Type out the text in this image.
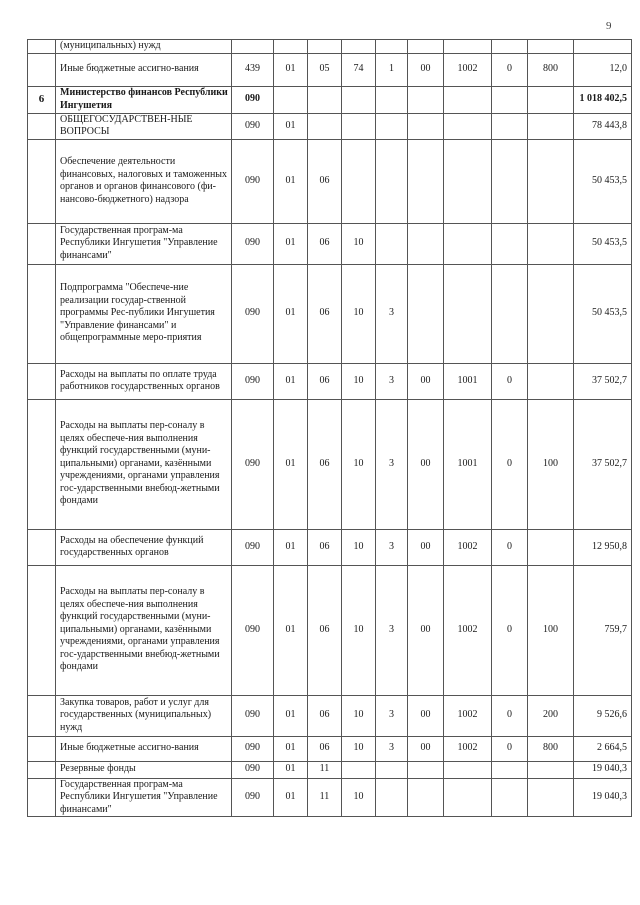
9
	(муниципальных) нужд										
	Иные бюджетные ассигно-вания	439	01	05	74	1	00	1002	0	800	12,0
6	Министерство финансов Республики Ингушетия	090									1 018 402,5
	ОБЩЕГОСУДАРСТВЕН-НЫЕ ВОПРОСЫ	090	01								78 443,8
	Обеспечение деятельности финансовых, налоговых и таможенных органов и органов финансового (фи-нансово-бюджетного) надзора	090	01	06							50 453,5
	Государственная програм-ма Республики Ингушетия "Управление финансами"	090	01	06	10						50 453,5
	Подпрограмма "Обеспече-ние реализации государ-ственной программы Рес-публики Ингушетия "Управление финансами" и общепрограммные меро-приятия	090	01	06	10	3					50 453,5
	Расходы на выплаты по оплате труда работников государственных органов	090	01	06	10	3	00	1001	0		37 502,7
	Расходы на выплаты пер-соналу в целях обеспече-ния выполнения функций государственными (муни-ципальными) органами, казёнными учреждениями, органами управления гос-ударственными внебюд-жетными фондами	090	01	06	10	3	00	1001	0	100	37 502,7
	Расходы на обеспечение функций государственных органов	090	01	06	10	3	00	1002	0		12 950,8
	Расходы на выплаты пер-соналу в целях обеспече-ния выполнения функций государственными (муни-ципальными) органами, казёнными учреждениями, органами управления гос-ударственными внебюд-жетными фондами	090	01	06	10	3	00	1002	0	100	759,7
	Закупка товаров, работ и услуг для государственных (муниципальных) нужд	090	01	06	10	3	00	1002	0	200	9 526,6
	Иные бюджетные ассигно-вания	090	01	06	10	3	00	1002	0	800	2 664,5
	Резервные фонды	090	01	11							19 040,3
	Государственная програм-ма Республики Ингушетия "Управление финансами"	090	01	11	10						19 040,3
